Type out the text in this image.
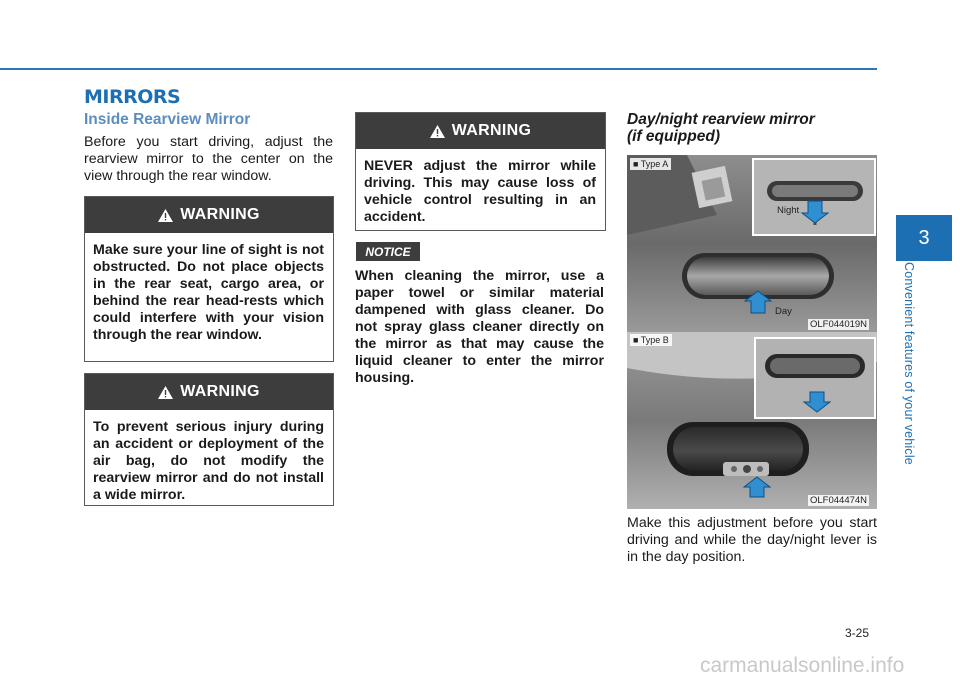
MIRRORS
Inside Rearview Mirror
Before you start driving, adjust the rearview mirror to the center on the view through the rear window.
WARNING
Make sure your line of sight is not obstructed. Do not place objects in the rear seat, cargo area, or behind the rear head-rests which could interfere with your vision through the rear window.
WARNING
To prevent serious injury during an accident or deployment of the air bag, do not modify the rearview mirror and do not install a wide mirror.
WARNING
NEVER adjust the mirror while driving. This may cause loss of vehicle control resulting in an accident.
NOTICE
When cleaning the mirror, use a paper towel or similar material dampened with glass cleaner. Do not spray glass cleaner directly on the mirror as that may cause the liquid cleaner to enter the mirror housing.
Day/night rearview mirror
(if equipped)
■ Type A
Night
Day
OLF044019N
■ Type B
OLF044474N
Make this adjustment before you start driving and while the day/night lever is in the day position.
3
Convenient features of your vehicle
3-25
carmanualsonline.info
